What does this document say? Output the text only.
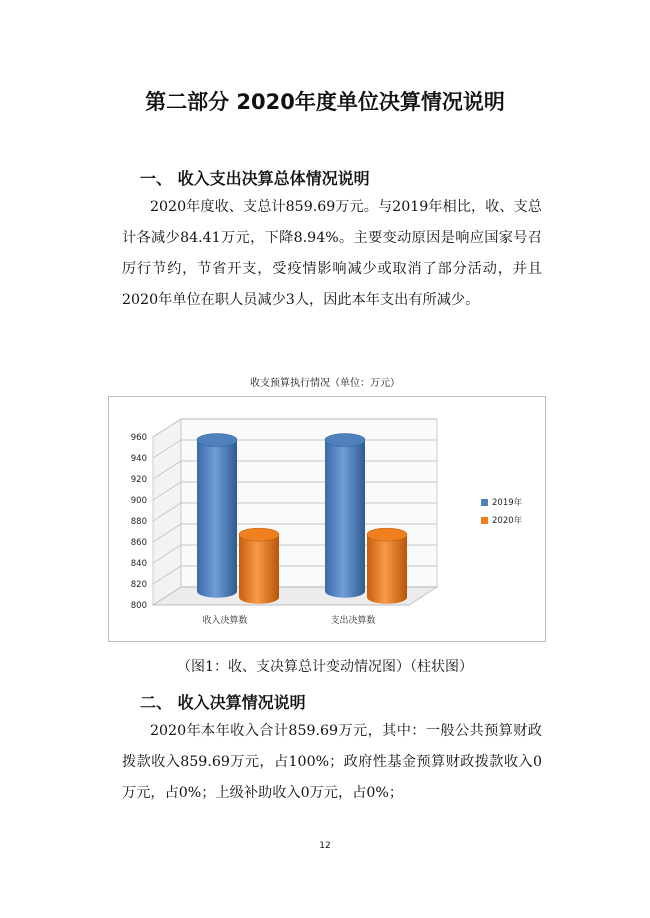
第二部分 2020年度单位决算情况说明
一、 收入支出决算总体情况说明
2020年度收、支总计859.69万元。与2019年相比，收、支总计各减少84.41万元，下降8.94%。主要变动原因是响应国家号召厉行节约，节省开支，受疫情影响减少或取消了部分活动，并且2020年单位在职人员减少3人，因此本年支出有所减少。
收支预算执行情况（单位：万元）
800
820
840
860
880
900
920
940
960
收入决算数	支出决算数
2019年
2020年
（图1：收、支决算总计变动情况图）（柱状图）
二、 收入决算情况说明
2020年本年收入合计859.69万元，其中：一般公共预算财政拨款收入859.69万元，占100%；政府性基金预算财政拨款收入0万元，占0%；上级补助收入0万元，占0%；
12
